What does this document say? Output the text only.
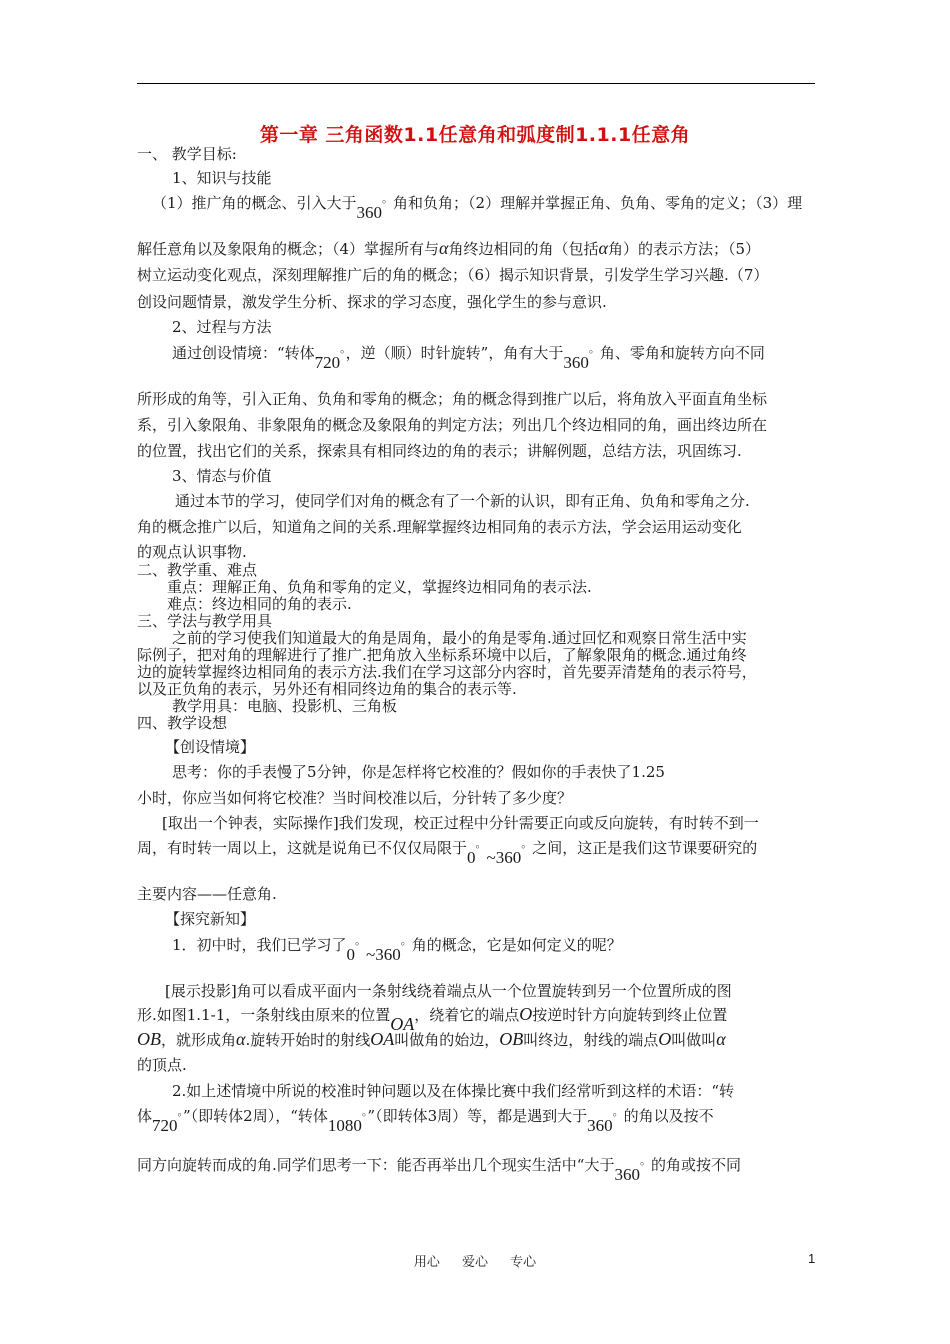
第一章 三角函数1.1任意角和弧度制1.1.1任意角
一、 教学目标:
1、知识与技能
（1）推广角的概念、引入大于360。角和负角；（2）理解并掌握正角、负角、零角的定义；（3）理
解任意角以及象限角的概念；（4）掌握所有与α角终边相同的角（包括α角）的表示方法；（5）
树立运动变化观点，深刻理解推广后的角的概念；（6）揭示知识背景，引发学生学习兴趣.（7）
创设问题情景，激发学生分析、探求的学习态度，强化学生的参与意识.
2、过程与方法
通过创设情境：“转体720。，逆（顺）时针旋转”，角有大于360。角、零角和旋转方向不同
所形成的角等，引入正角、负角和零角的概念；角的概念得到推广以后，将角放入平面直角坐标
系，引入象限角、非象限角的概念及象限角的判定方法；列出几个终边相同的角，画出终边所在
的位置，找出它们的关系，探索具有相同终边的角的表示；讲解例题，总结方法，巩固练习.
3、情态与价值
通过本节的学习，使同学们对角的概念有了一个新的认识，即有正角、负角和零角之分.
角的概念推广以后，知道角之间的关系.理解掌握终边相同角的表示方法，学会运用运动变化
的观点认识事物.
二、教学重、难点
重点：理解正角、负角和零角的定义，掌握终边相同角的表示法.
难点：终边相同的角的表示.
三、学法与教学用具
之前的学习使我们知道最大的角是周角，最小的角是零角.通过回忆和观察日常生活中实
际例子，把对角的理解进行了推广.把角放入坐标系环境中以后，了解象限角的概念.通过角终
边的旋转掌握终边相同角的表示方法.我们在学习这部分内容时，首先要弄清楚角的表示符号，
以及正负角的表示，另外还有相同终边角的集合的表示等.
教学用具：电脑、投影机、三角板
四、教学设想
【创设情境】
思考：你的手表慢了5分钟，你是怎样将它校准的？假如你的手表快了1.25
小时，你应当如何将它校准？当时间校准以后，分针转了多少度？
[取出一个钟表，实际操作]我们发现，校正过程中分针需要正向或反向旋转，有时转不到一
周，有时转一周以上，这就是说角已不仅仅局限于0。~360。之间，这正是我们这节课要研究的
主要内容——任意角.
【探究新知】
1．初中时，我们已学习了0。~360。角的概念，它是如何定义的呢？
[展示投影]角可以看成平面内一条射线绕着端点从一个位置旋转到另一个位置所成的图
形.如图1.1-1，一条射线由原来的位置OA，绕着它的端点O按逆时针方向旋转到终止位置
OB，就形成角α.旋转开始时的射线OA叫做角的始边，OB叫终边，射线的端点O叫做叫α
的顶点.
2.如上述情境中所说的校准时钟问题以及在体操比赛中我们经常听到这样的术语：“转
体720。”（即转体2周），“转体1080。”（即转体3周）等，都是遇到大于360。的角以及按不
同方向旋转而成的角.同学们思考一下：能否再举出几个现实生活中“大于360。的角或按不同
用心 爱心 专心	1
